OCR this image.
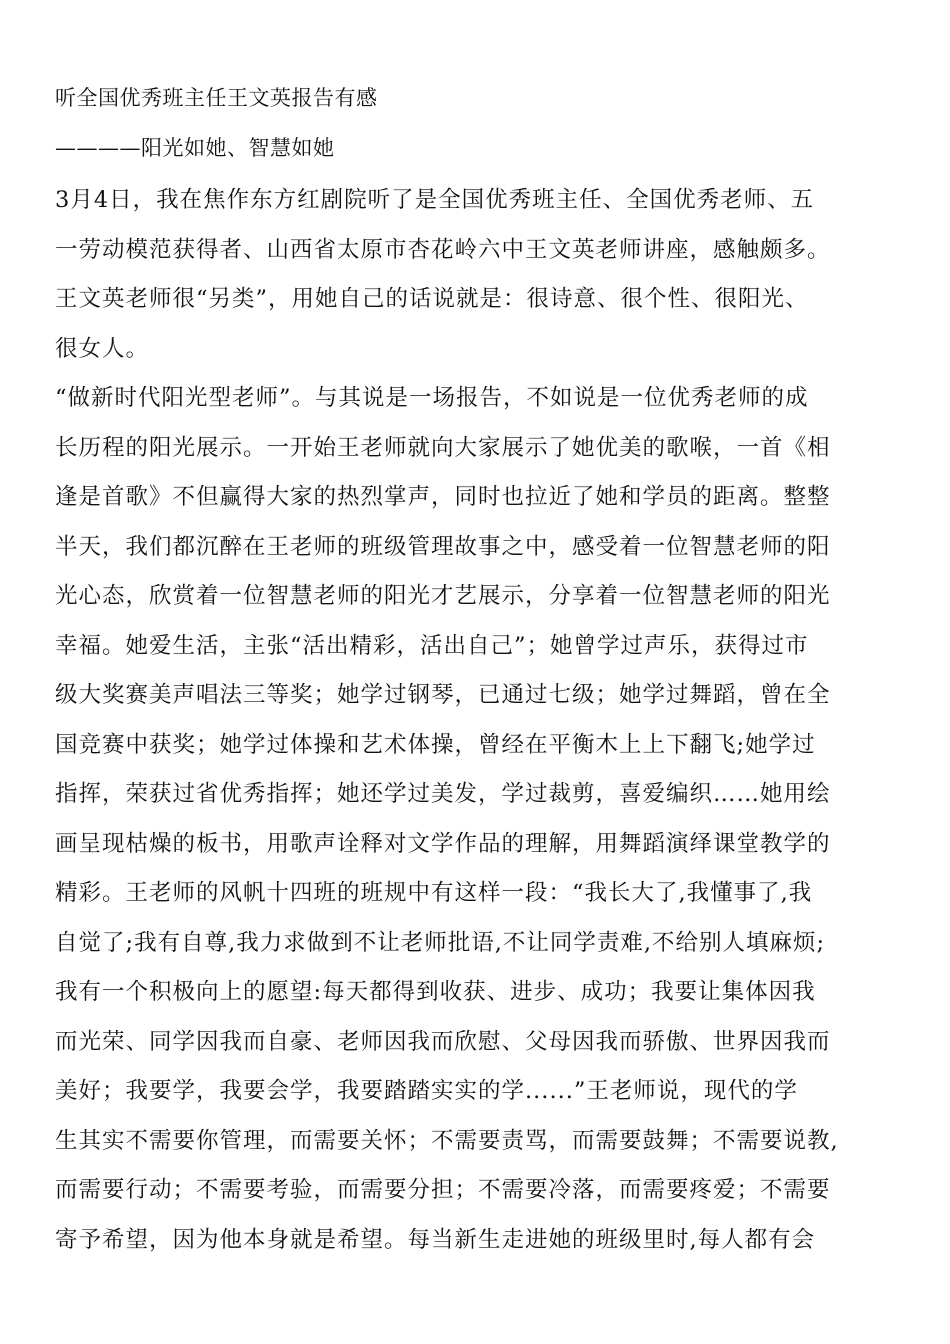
听全国优秀班主任王文英报告有感
————阳光如她、智慧如她
3月4日，我在焦作东方红剧院听了是全国优秀班主任、全国优秀老师、五
一劳动模范获得者、山西省太原市杏花岭六中王文英老师讲座，感触颇多。
王文英老师很“另类”，用她自己的话说就是：很诗意、很个性、很阳光、
很女人。
“做新时代阳光型老师”。与其说是一场报告，不如说是一位优秀老师的成
长历程的阳光展示。一开始王老师就向大家展示了她优美的歌喉，一首《相
逢是首歌》不但赢得大家的热烈掌声，同时也拉近了她和学员的距离。整整
半天，我们都沉醉在王老师的班级管理故事之中，感受着一位智慧老师的阳
光心态，欣赏着一位智慧老师的阳光才艺展示，分享着一位智慧老师的阳光
幸福。她爱生活，主张“活出精彩，活出自己”；她曾学过声乐，获得过市
级大奖赛美声唱法三等奖；她学过钢琴，已通过七级；她学过舞蹈，曾在全
国竞赛中获奖；她学过体操和艺术体操，曾经在平衡木上上下翻飞;她学过
指挥，荣获过省优秀指挥；她还学过美发，学过裁剪，喜爱编织……她用绘
画呈现枯燥的板书，用歌声诠释对文学作品的理解，用舞蹈演绎课堂教学的
精彩。王老师的风帆十四班的班规中有这样一段：“我长大了,我懂事了,我
自觉了;我有自尊,我力求做到不让老师批语,不让同学责难,不给别人填麻烦;
我有一个积极向上的愿望:每天都得到收获、进步、成功；我要让集体因我
而光荣、同学因我而自豪、老师因我而欣慰、父母因我而骄傲、世界因我而
美好；我要学，我要会学，我要踏踏实实的学......”王老师说，现代的学
生其实不需要你管理，而需要关怀；不需要责骂，而需要鼓舞；不需要说教,
而需要行动；不需要考验，而需要分担；不需要冷落，而需要疼爱；不需要
寄予希望，因为他本身就是希望。每当新生走进她的班级里时,每人都有会
